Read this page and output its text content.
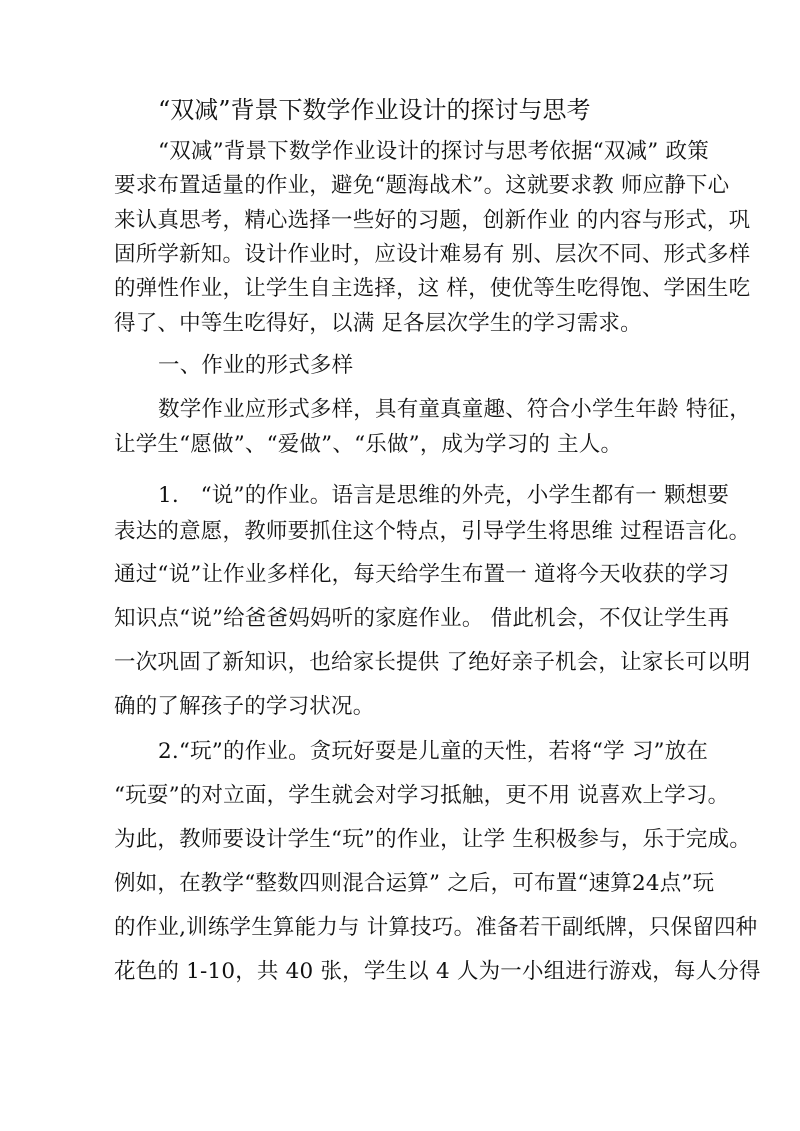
“双减”背景下数学作业设计的探讨与思考
“双减”背景下数学作业设计的探讨与思考依据“双减” 政策
要求布置适量的作业，避免“题海战术”。这就要求教 师应静下心
来认真思考，精心选择一些好的习题，创新作业 的内容与形式，巩
固所学新知。设计作业时，应设计难易有 别、层次不同、形式多样
的弹性作业，让学生自主选择，这 样，使优等生吃得饱、学困生吃
得了、中等生吃得好，以满 足各层次学生的学习需求。
一、作业的形式多样
数学作业应形式多样，具有童真童趣、符合小学生年龄 特征，
让学生“愿做”、“爱做”、“乐做”，成为学习的 主人。
1.　“说”的作业。语言是思维的外壳，小学生都有一 颗想要
表达的意愿，教师要抓住这个特点，引导学生将思维 过程语言化。
通过“说”让作业多样化，每天给学生布置一 道将今天收获的学习
知识点“说”给爸爸妈妈听的家庭作业。 借此机会，不仅让学生再
一次巩固了新知识，也给家长提供 了绝好亲子机会，让家长可以明
确的了解孩子的学习状况。
2.“玩”的作业。贪玩好耍是儿童的天性，若将“学 习”放在
“玩耍”的对立面，学生就会对学习抵触，更不用 说喜欢上学习。
为此，教师要设计学生“玩”的作业，让学 生积极参与，乐于完成。
例如，在教学“整数四则混合运算” 之后，可布置“速算24点”玩
的作业,训练学生算能力与 计算技巧。准备若干副纸牌，只保留四种
花色的 1-10，共 40 张，学生以 4 人为一小组进行游戏，每人分得
